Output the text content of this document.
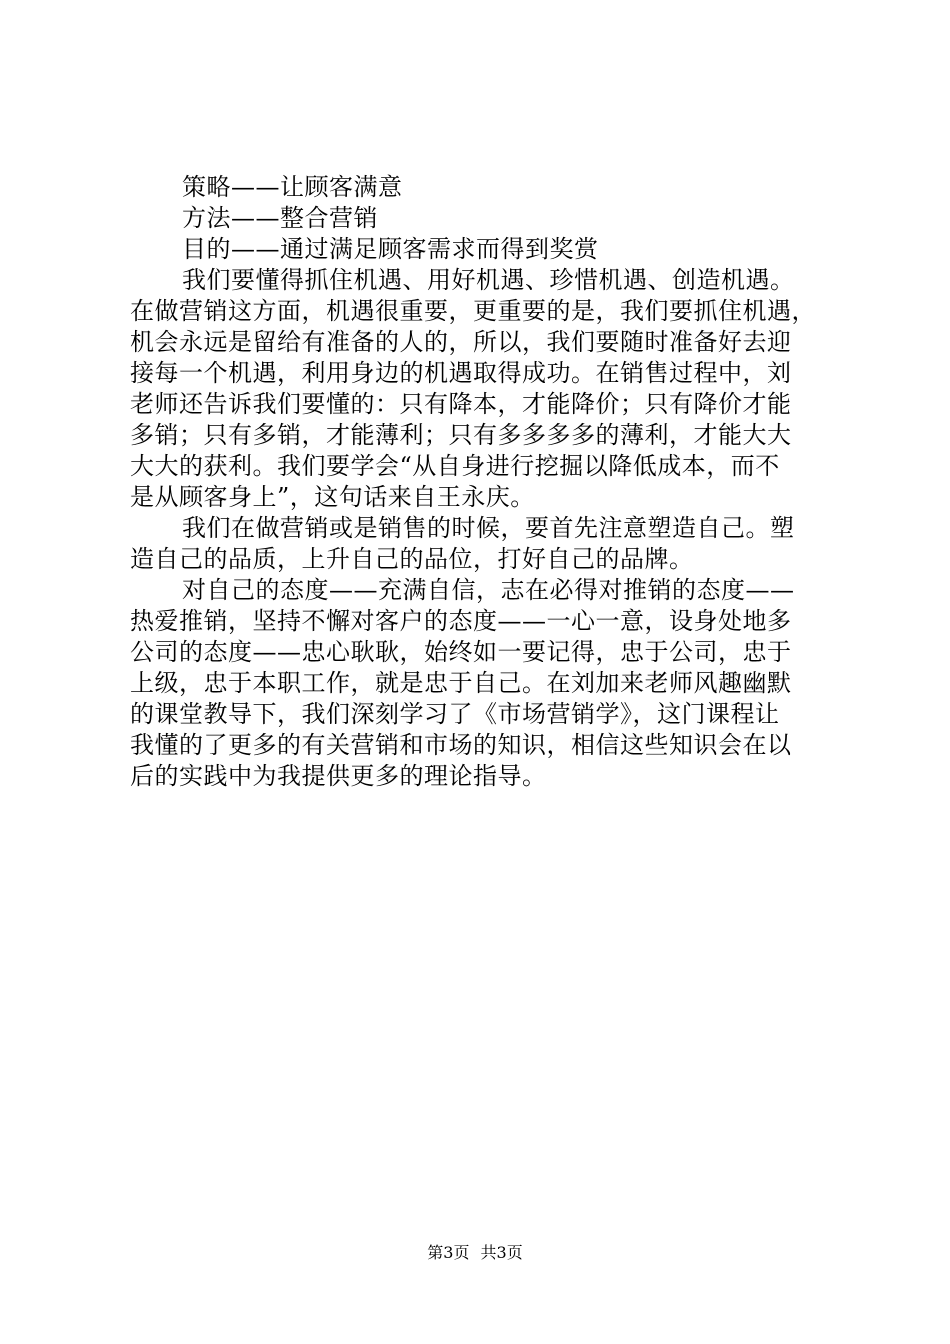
策略——让顾客满意
方法——整合营销
目的——通过满足顾客需求而得到奖赏
我们要懂得抓住机遇、用好机遇、珍惜机遇、创造机遇。
在做营销这方面，机遇很重要，更重要的是，我们要抓住机遇，
机会永远是留给有准备的人的，所以，我们要随时准备好去迎
接每一个机遇，利用身边的机遇取得成功。在销售过程中，刘
老师还告诉我们要懂的：只有降本，才能降价；只有降价才能
多销；只有多销，才能薄利；只有多多多多的薄利，才能大大
大大的获利。我们要学会“从自身进行挖掘以降低成本，而不
是从顾客身上”，这句话来自王永庆。
我们在做营销或是销售的时候，要首先注意塑造自己。塑
造自己的品质，上升自己的品位，打好自己的品牌。
对自己的态度——充满自信，志在必得对推销的态度——
热爱推销，坚持不懈对客户的态度——一心一意，设身处地多
公司的态度——忠心耿耿，始终如一要记得，忠于公司，忠于
上级，忠于本职工作，就是忠于自己。在刘加来老师风趣幽默
的课堂教导下，我们深刻学习了《市场营销学》，这门课程让
我懂的了更多的有关营销和市场的知识，相信这些知识会在以
后的实践中为我提供更多的理论指导。
第3页 共3页
